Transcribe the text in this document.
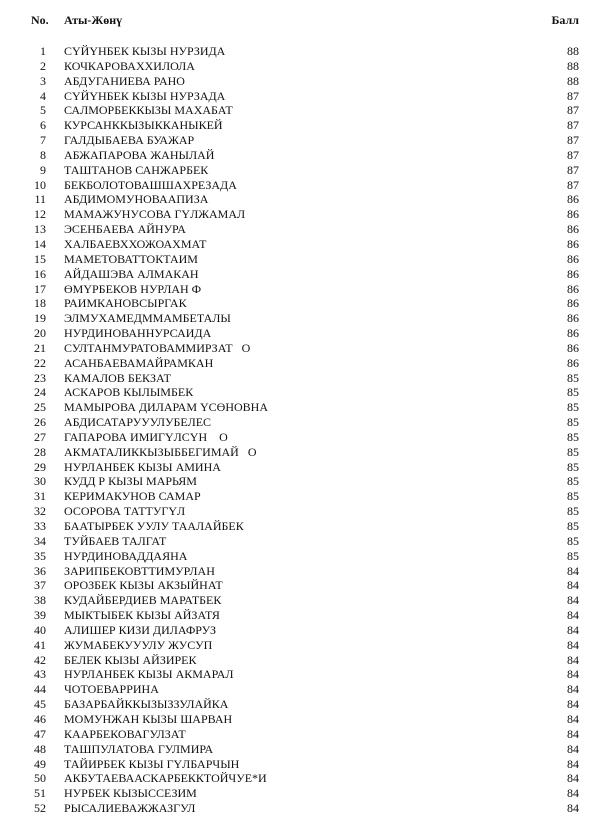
No. Аты-Жөнү	Балл
1 СҮЙҮНБЕК КЫЗЫ НУРЗИДА	88
2 КОЧКАРОВАХХИЛОЛА	88
3 АБДУГАНИЕВА РАНО	88
4 СҮЙҮНБЕК КЫЗЫ НУРЗАДА	87
5 САЛМОРБЕККЫЗЫ МАХАБАТ	87
6 КУРСАНККЫЗЫККАНЫКЕЙ	87
7 ГАЛДЫБАЕВА БУАЖАР	87
8 АБЖАПАРОВА ЖАНЫЛАЙ	87
9 ТАШТАНОВ САНЖАРБЕК	87
10 БЕКБОЛОТОВАШШАХРЕЗАДА	87
11 АБДИМОМУНОВААПИЗА	86
12 МАМАЖУНУСОВА ГҮЛЖАМАЛ	86
13 ЭСЕНБАЕВА АЙНУРА	86
14 ХАЛБАЕВХХОЖОАХМАТ	86
15 МАМЕТОВАТТОКТАИМ	86
16 АЙДАШЭВА АЛМАКАН	86
17 ӨМҮРБЕКОВ НУРЛАН Ф	86
18 РАИМКАНОВСЫРГАК	86
19 ЭЛМУХАМЕДММАМБЕТАЛЫ	86
20 НУРДИНОВАННУРСАИДА	86
21 СУЛТАНМУРАТОВАММИРЗАТ   О	86
22 АСАНБАЕВАМАЙРАМКАН	86
23 КАМАЛОВ БЕКЗАТ	85
24 АСКАРОВ КЫЛЫМБЕК	85
25 МАМЫРОВА ДИЛАРАМ ҮСӨНОВНА	85
26 АБДИСАТАРУУУЛУБЕЛЕС	85
27 ГАПАРОВА ИМИГҮЛСҮН    О	85
28 АКМАТАЛИККЫЗЫББЕГИМАЙ   О	85
29 НУРЛАНБЕК КЫЗЫ АМИНА	85
30 КУДД Р КЫЗЫ МАРЬЯМ	85
31 КЕРИМАКУНОВ САМАР	85
32 ОСОРОВА ТАТТУГҮЛ	85
33 БААТЫРБЕК УУЛУ ТААЛАЙБЕК	85
34 ТУЙБАЕВ ТАЛГАТ	85
35 НУРДИНОВАДДАЯНА	85
36 ЗАРИПБЕКОВТТИМУРЛАН	84
37 ОРОЗБЕК КЫЗЫ АКЗЫЙНАТ	84
38 КУДАЙБЕРДИЕВ МАРАТБЕК	84
39 МЫКТЫБЕК КЫЗЫ АЙЗАТЯ	84
40 АЛИШЕР КИЗИ ДИЛАФРУЗ	84
41 ЖУМАБЕКУУУЛУ ЖУСУП	84
42 БЕЛЕК КЫЗЫ АЙЗИРЕК	84
43 НУРЛАНБЕК КЫЗЫ АКМАРАЛ	84
44 ЧОТОЕВАРРИНА	84
45 БАЗАРБАЙККЫЗЫЗЗУЛАЙКА	84
46 МОМУНЖАН КЫЗЫ ШАРВАН	84
47 КААРБЕКОВАГУЛЗАТ	84
48 ТАШПУЛАТОВА ГУЛМИРА	84
49 ТАЙИРБЕК КЫЗЫ ГҮЛБАРЧЫН	84
50 АКБУТАЕВААСКАРБЕККТОЙЧУЕ*И	84
51 НУРБЕК КЫЗЫССЕЗИМ	84
52 РЫСАЛИЕВАЖЖАЗГУЛ	84
